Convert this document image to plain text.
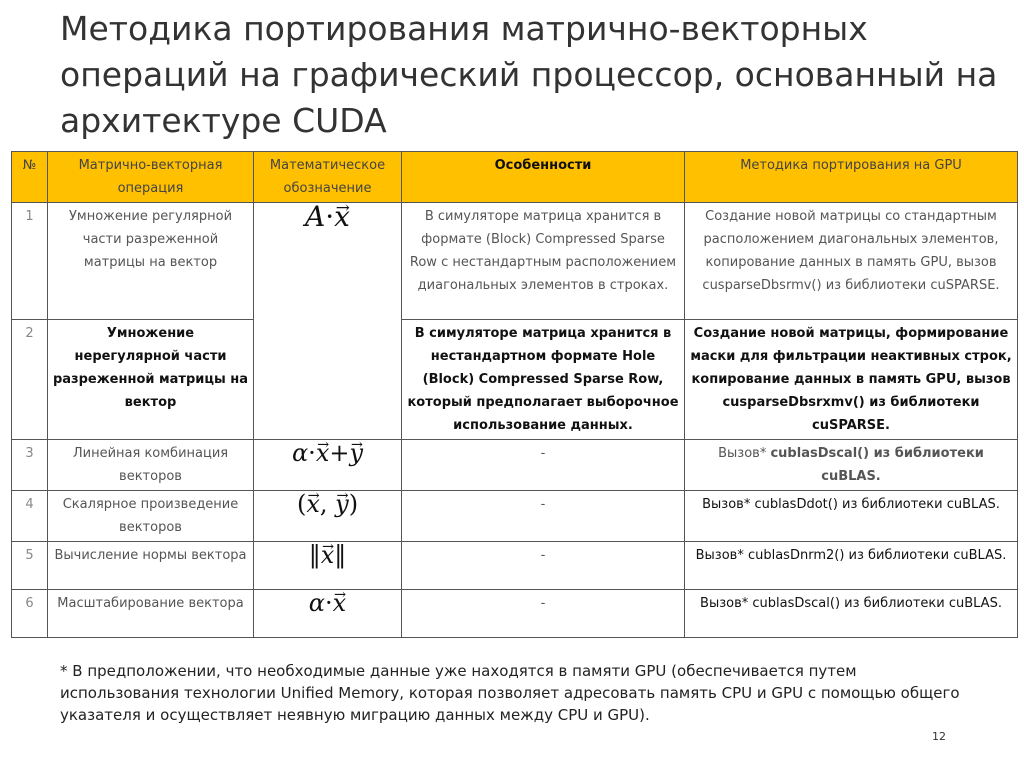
Методика портирования матрично-векторных операций на графический процессор, основанный на архитектуре CUDA
№	Матрично-векторная операция	Математическое обозначение	Особенности	Методика портирования на GPU
1	Умножение регулярной части разреженной матрицы на вектор	A·x →	В симуляторе матрица хранится в формате (Block) Compressed Sparse Row с нестандартным расположением диагональных элементов в строках.	Создание новой матрицы со стандартным расположением диагональных элементов, копирование данных в память GPU, вызов cusparseDbsrmv() из библиотеки cuSPARSE.
2	Умножение нерегулярной части разреженной матрицы на вектор		В симуляторе матрица хранится в нестандартном формате Hole (Block) Compressed Sparse Row, который предполагает выборочное использование данных.	Создание новой матрицы, формирование маски для фильтрации неактивных строк, копирование данных в память GPU, вызов cusparseDbsrxmv() из библиотеки cuSPARSE.
3	Линейная комбинация векторов	α·x →+y →	-	Вызов* cublasDscal() из библиотеки cuBLAS.
4	Скалярное произведение векторов	(x →, y →)	-	Вызов* cublasDdot() из библиотеки cuBLAS.
5	Вычисление нормы вектора	‖x →‖	-	Вызов* cublasDnrm2() из библиотеки cuBLAS.
6	Масштабирование вектора	α·x →	-	Вызов* cublasDscal() из библиотеки cuBLAS.

* В предположении, что необходимые данные уже находятся в памяти GPU (обеспечивается путем использования технологии Unified Memory, которая позволяет адресовать память CPU и GPU с помощью общего указателя и осуществляет неявную миграцию данных между CPU и GPU).

12
